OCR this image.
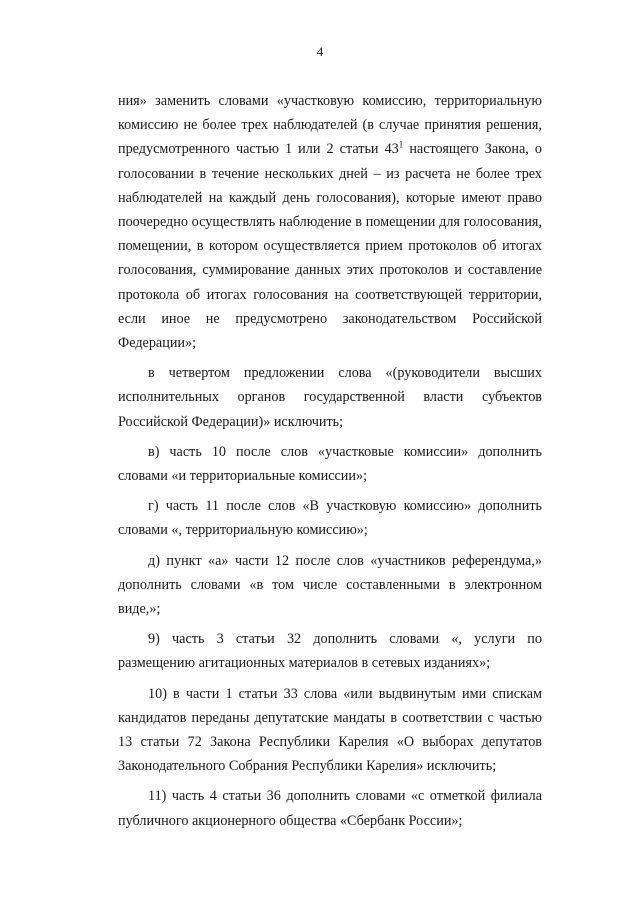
4

ния» заменить словами «участковую комиссию, территориальную комиссию не более трех наблюдателей (в случае принятия решения, предусмотренного частью 1 или 2 статьи $43^1$ настоящего Закона, о голосовании в течение нескольких дней – из расчета не более трех наблюдателей на каждый день голосования), которые имеют право поочередно осуществлять наблюдение в помещении для голосования, помещении, в котором осуществляется прием протоколов об итогах голосования, суммирование данных этих протоколов и составление протокола об итогах голосования на соответствующей территории, если иное не предусмотрено законодательством Российской Федерации»;

в четвертом предложении слова «(руководители высших исполнительных органов государственной власти субъектов Российской Федерации)» исключить;

в) часть 10 после слов «участковые комиссии» дополнить словами «и территориальные комиссии»;

г) часть 11 после слов «В участковую комиссию» дополнить словами «, территориальную комиссию»;

д) пункт «а» части 12 после слов «участников референдума,» дополнить словами «в том числе составленными в электронном виде,»;

9) часть 3 статьи 32 дополнить словами «, услуги по размещению агитационных материалов в сетевых изданиях»;

10) в части 1 статьи 33 слова «или выдвинутым ими спискам кандидатов переданы депутатские мандаты в соответствии с частью 13 статьи 72 Закона Республики Карелия «О выборах депутатов Законодательного Собрания Республики Карелия» исключить;

11) часть 4 статьи 36 дополнить словами «с отметкой филиала публичного акционерного общества «Сбербанк России»;
